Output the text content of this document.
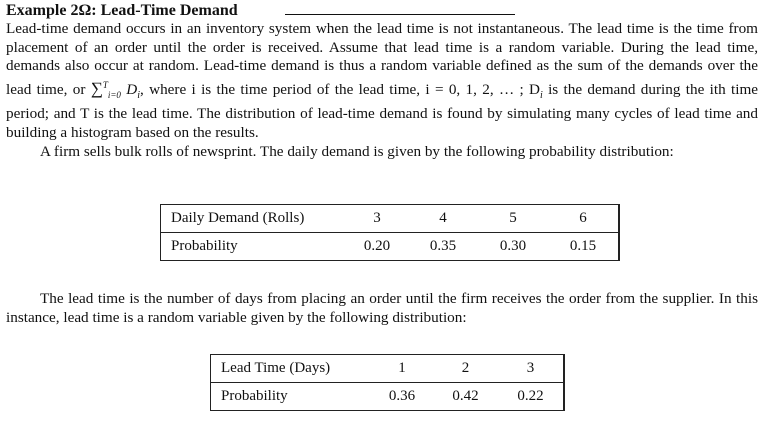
Example 2Ω: Lead-Time Demand

Lead-time demand occurs in an inventory system when the lead time is not instantaneous. The lead time is the time from placement of an order until the order is received. Assume that lead time is a random variable. During the lead time, demands also occur at random. Lead-time demand is thus a random variable defined as the sum of the demands over the lead time, or ∑$^T_{i=0}$ $D_i$, where i is the time period of the lead time, i = 0, 1, 2, … ; $D_i$ is the demand during the ith time period; and T is the lead time. The distribution of lead-time demand is found by simulating many cycles of lead time and building a histogram based on the results.

A firm sells bulk rolls of newsprint. The daily demand is given by the following probability distribution:

Daily Demand (Rolls)	3	4	5	6
Probability	0.20	0.35	0.30	0.15
The lead time is the number of days from placing an order until the firm receives the order from the supplier. In this instance, lead time is a random variable given by the following distribution:
Lead Time (Days)	1	2	3
Probability	0.36	0.42	0.22
